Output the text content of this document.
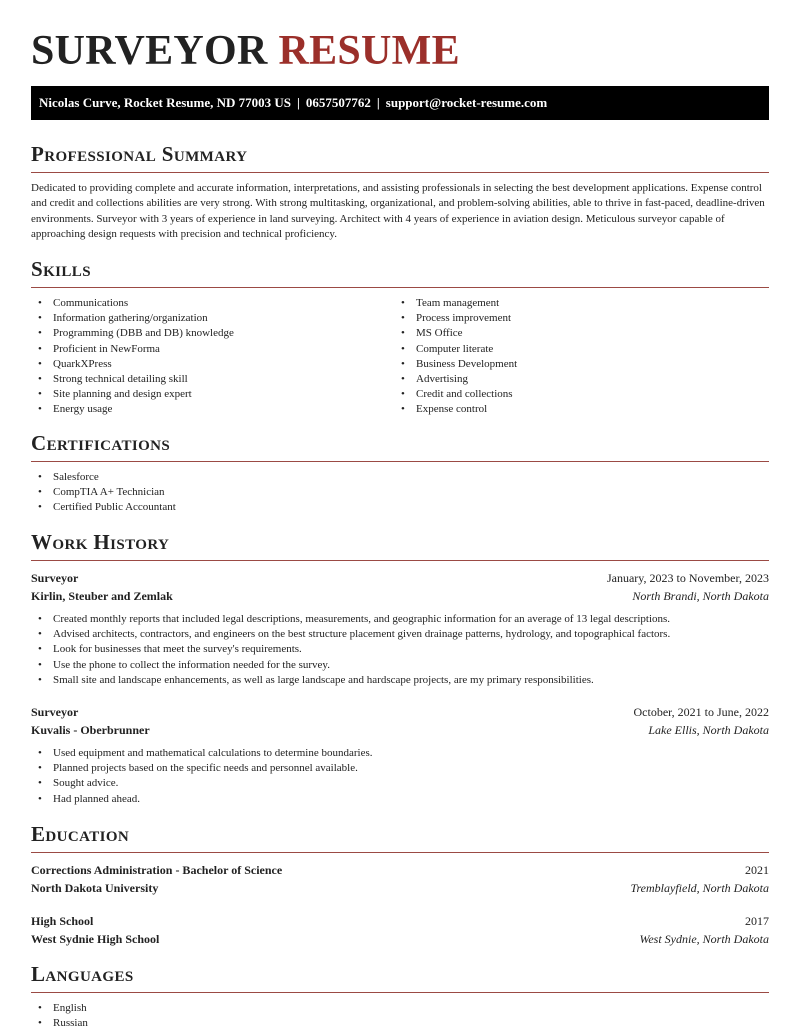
SURVEYOR RESUME
Nicolas Curve, Rocket Resume, ND 77003 US | 0657507762 | support@rocket-resume.com
Professional Summary
Dedicated to providing complete and accurate information, interpretations, and assisting professionals in selecting the best development applications. Expense control and credit and collections abilities are very strong. With strong multitasking, organizational, and problem-solving abilities, able to thrive in fast-paced, deadline-driven environments. Surveyor with 3 years of experience in land surveying. Architect with 4 years of experience in aviation design. Meticulous surveyor capable of approaching design requests with precision and technical proficiency.
Skills
• Communications
• Information gathering/organization
• Programming (DBB and DB) knowledge
• Proficient in NewForma
• QuarkXPress
• Strong technical detailing skill
• Site planning and design expert
• Energy usage
• Team management
• Process improvement
• MS Office
• Computer literate
• Business Development
• Advertising
• Credit and collections
• Expense control
Certifications
• Salesforce
• CompTIA A+ Technician
• Certified Public Accountant
Work History
Surveyor	January, 2023 to November, 2023
Kirlin, Steuber and Zemlak	North Brandi, North Dakota
• Created monthly reports that included legal descriptions, measurements, and geographic information for an average of 13 legal descriptions.
• Advised architects, contractors, and engineers on the best structure placement given drainage patterns, hydrology, and topographical factors.
• Look for businesses that meet the survey's requirements.
• Use the phone to collect the information needed for the survey.
• Small site and landscape enhancements, as well as large landscape and hardscape projects, are my primary responsibilities.
Surveyor	October, 2021 to June, 2022
Kuvalis - Oberbrunner	Lake Ellis, North Dakota
• Used equipment and mathematical calculations to determine boundaries.
• Planned projects based on the specific needs and personnel available.
• Sought advice.
• Had planned ahead.
Education
Corrections Administration - Bachelor of Science	2021
North Dakota University	Tremblayfield, North Dakota
High School	2017
West Sydnie High School	West Sydnie, North Dakota
Languages
• English
• Russian
